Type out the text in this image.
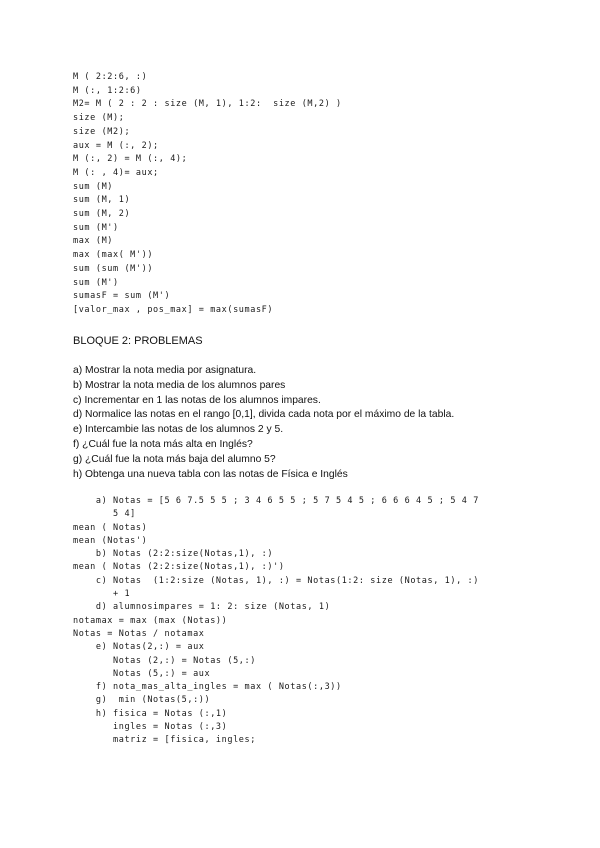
M ( 2:2:6, :)
M (:, 1:2:6)
M2= M ( 2 : 2 : size (M, 1), 1:2:  size (M,2) )
size (M);
size (M2);
aux = M (:, 2);
M (:, 2) = M (:, 4);
M (: , 4)= aux;
sum (M)
sum (M, 1)
sum (M, 2)
sum (M')
max (M)
max (max( M'))
sum (sum (M'))
sum (M')
sumasF = sum (M')
[valor_max , pos_max] = max(sumasF)
BLOQUE 2: PROBLEMAS
a) Mostrar la nota media por asignatura.
b) Mostrar la nota media de los alumnos pares
c) Incrementar en 1 las notas de los alumnos impares.
d) Normalice las notas en el rango [0,1], divida cada nota por el máximo de la tabla.
e) Intercambie las notas de los alumnos 2 y 5.
f) ¿Cuál fue la nota más alta en Inglés?
g) ¿Cuál fue la nota más baja del alumno 5?
h) Obtenga una nueva tabla con las notas de Física e Inglés
a) Notas = [5 6 7.5 5 5 ; 3 4 6 5 5 ; 5 7 5 4 5 ; 6 6 6 4 5 ; 5 4 7
5 4]
mean ( Notas)
mean (Notas')
b) Notas (2:2:size(Notas,1), :)
mean ( Notas (2:2:size(Notas,1), :)')
c) Notas  (1:2:size (Notas, 1), :) = Notas(1:2: size (Notas, 1), :)
+ 1
d) alumnosimpares = 1: 2: size (Notas, 1)
notamax = max (max (Notas))
Notas = Notas / notamax
e) Notas(2,:) = aux
Notas (2,:) = Notas (5,:)
Notas (5,:) = aux
f) nota_mas_alta_ingles = max ( Notas(:,3))
g)  min (Notas(5,:))
h) fisica = Notas (:,1)
ingles = Notas (:,3)
matriz = [fisica, ingles;
